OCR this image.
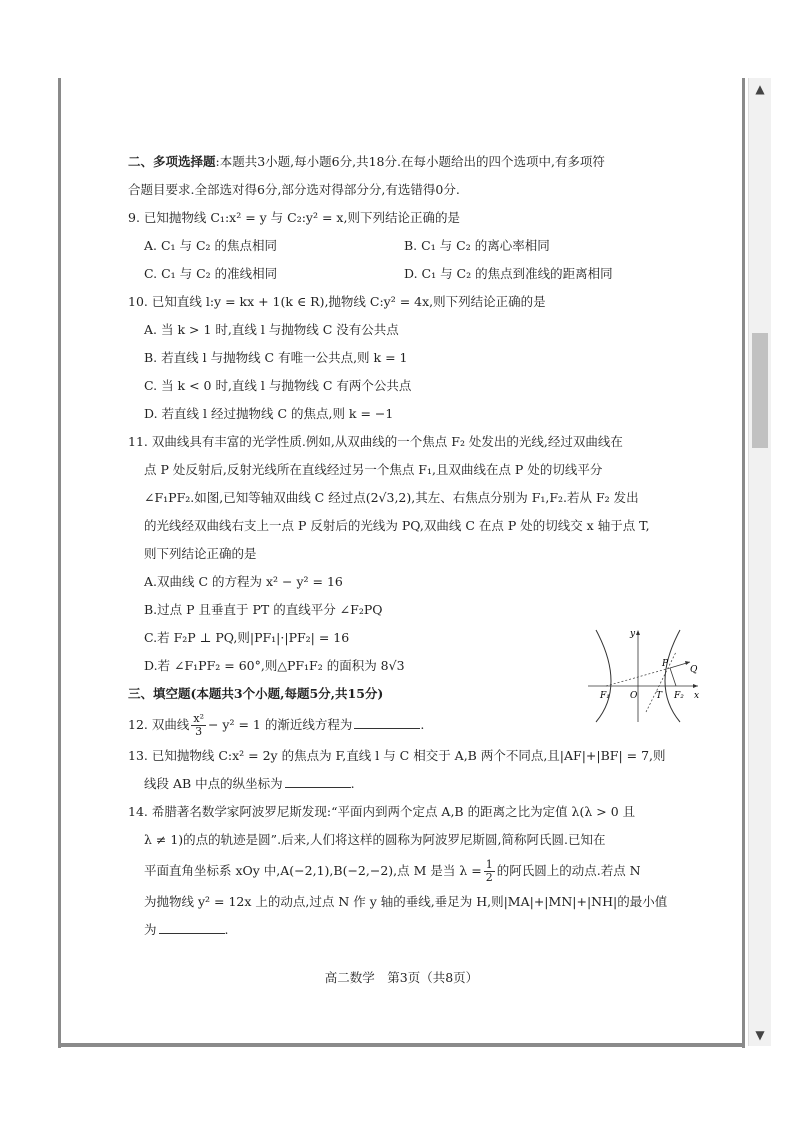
二、多项选择题:本题共3小题,每小题6分,共18分.在每小题给出的四个选项中,有多项符
合题目要求.全部选对得6分,部分选对得部分分,有选错得0分.
9. 已知抛物线 C₁:x² = y 与 C₂:y² = x,则下列结论正确的是
A. C₁ 与 C₂ 的焦点相同	B. C₁ 与 C₂ 的离心率相同
C. C₁ 与 C₂ 的准线相同	D. C₁ 与 C₂ 的焦点到准线的距离相同
10. 已知直线 l:y = kx + 1(k ∈ R),抛物线 C:y² = 4x,则下列结论正确的是
A. 当 k > 1 时,直线 l 与抛物线 C 没有公共点
B. 若直线 l 与抛物线 C 有唯一公共点,则 k = 1
C. 当 k < 0 时,直线 l 与抛物线 C 有两个公共点
D. 若直线 l 经过抛物线 C 的焦点,则 k = −1
11. 双曲线具有丰富的光学性质.例如,从双曲线的一个焦点 F₂ 处发出的光线,经过双曲线在
点 P 处反射后,反射光线所在直线经过另一个焦点 F₁,且双曲线在点 P 处的切线平分
∠F₁PF₂.如图,已知等轴双曲线 C 经过点(2√3,2),其左、右焦点分别为 F₁,F₂.若从 F₂ 发出
的光线经双曲线右支上一点 P 反射后的光线为 PQ,双曲线 C 在点 P 处的切线交 x 轴于点 T,
则下列结论正确的是
A.双曲线 C 的方程为 x² − y² = 16
B.过点 P 且垂直于 PT 的直线平分 ∠F₂PQ
C.若 F₂P ⊥ PQ,则|PF₁|·|PF₂| = 16
D.若 ∠F₁PF₂ = 60°,则△PF₁F₂ 的面积为 8√3
三、填空题(本题共3个小题,每题5分,共15分)
12. 双曲线 $\frac{\text{x²}}{3} - y^2 = 1$ 的渐近线方程为	.
13. 已知抛物线 C:x² = 2y 的焦点为 F,直线 l 与 C 相交于 A,B 两个不同点,且|AF|+|BF| = 7,则
线段 AB 中点的纵坐标为	.
14. 希腊著名数学家阿波罗尼斯发现:“平面内到两个定点 A,B 的距离之比为定值 λ(λ > 0 且
λ ≠ 1)的点的轨迹是圆”.后来,人们将这样的圆称为阿波罗尼斯圆,简称阿氏圆.已知在
平面直角坐标系 xOy 中,A(−2,1),B(−2,−2),点 M 是当 $\lambda = \frac{1}{2}$ 的阿氏圆上的动点.若点 N
为抛物线 y² = 12x 上的动点,过点 N 作 y 轴的垂线,垂足为 H,则|MA|+|MN|+|NH|的最小值
为	.
y
x
O
F₁	F₂
T
P
Q
高二数学　第3页（共8页）
▲
▼
